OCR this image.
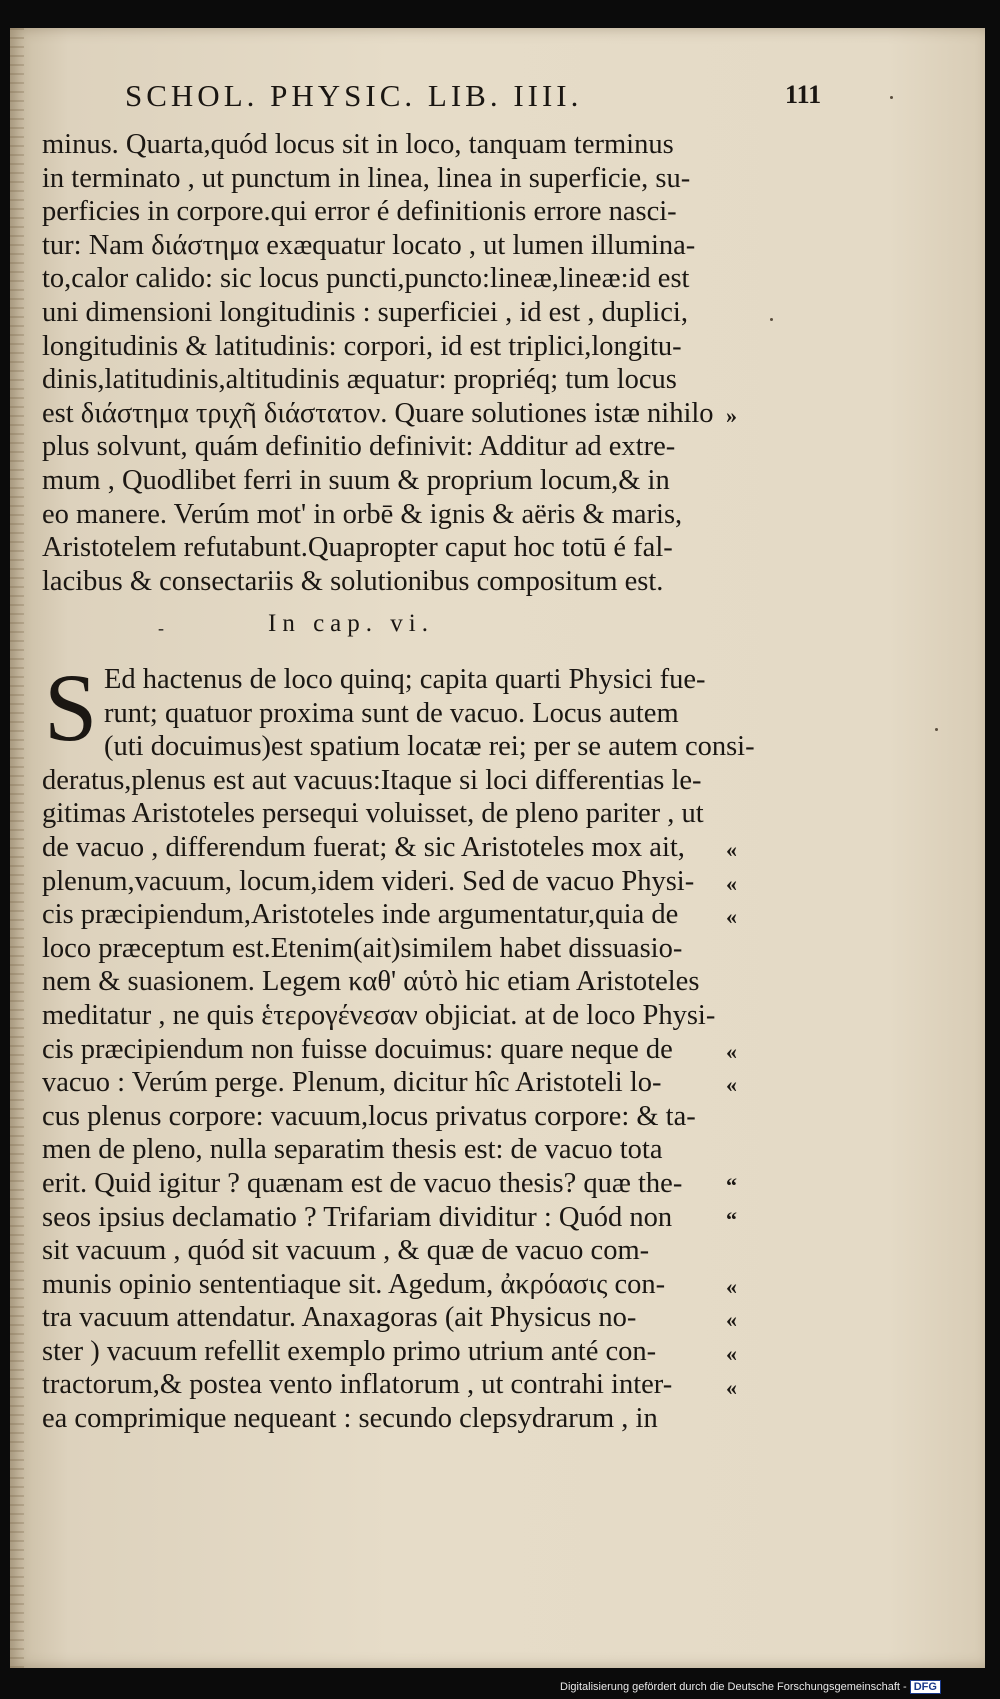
SCHOL. PHYSIC. LIB. IIII.	111
minus. Quarta,quód locus sit in loco, tanquam terminus
in terminato , ut punctum in linea, linea in superficie, su-
perficies in corpore.qui error é definitionis errore nasci-
tur: Nam διάστημα exæquatur locato , ut lumen illumina-
to,calor calido: sic locus puncti,puncto:lineæ,lineæ:id est
uni dimensioni longitudinis : superficiei , id est , duplici,
longitudinis & latitudinis: corpori, id est triplici,longitu-
dinis,latitudinis,altitudinis æquatur: propriéq; tum locus
est διάστημα τριχῆ διάστατον. Quare solutiones istæ nihilo
plus solvunt, quám definitio definivit: Additur ad extre-
mum , Quodlibet ferri in suum & proprium locum,& in
eo manere. Verúm mot' in orbē & ignis & aëris & maris,
Aristotelem refutabunt.Quapropter caput hoc totū é fal-
lacibus & consectariis & solutionibus compositum est.
-	In cap. vi.
S Ed hactenus de loco quinq; capita quarti Physici fue-
runt; quatuor proxima sunt de vacuo. Locus autem
(uti docuimus)est spatium locatæ rei; per se autem consi-
deratus,plenus est aut vacuus:Itaque si loci differentias le-
gitimas Aristoteles persequi voluisset, de pleno pariter , ut
de vacuo , differendum fuerat; & sic Aristoteles mox ait,
plenum,vacuum, locum,idem videri. Sed de vacuo Physi-
cis præcipiendum,Aristoteles inde argumentatur,quia de
loco præceptum est.Etenim(ait)similem habet dissuasio-
nem & suasionem. Legem καθ' αὑτὸ hic etiam Aristoteles
meditatur , ne quis ἑτερογένεσαν objiciat. at de loco Physi-
cis præcipiendum non fuisse docuimus: quare neque de
vacuo : Verúm perge. Plenum, dicitur hîc Aristoteli lo-
cus plenus corpore: vacuum,locus privatus corpore: & ta-
men de pleno, nulla separatim thesis est: de vacuo tota
erit. Quid igitur ? quænam est de vacuo thesis? quæ the-
seos ipsius declamatio ? Trifariam dividitur : Quód non
sit vacuum , quód sit vacuum , & quæ de vacuo com-
munis opinio sententiaque sit. Agedum, ἀκρόασις con-
tra vacuum attendatur. Anaxagoras (ait Physicus no-
ster ) vacuum refellit exemplo primo utrium anté con-
tractorum,& postea vento inflatorum , ut contrahi inter-
ea comprimique nequeant : secundo clepsydrarum , in
»
«
«
«
«
«
“
“
«
«
«
«
Digitalisierung gefördert durch die Deutsche Forschungsgemeinschaft - DFG
